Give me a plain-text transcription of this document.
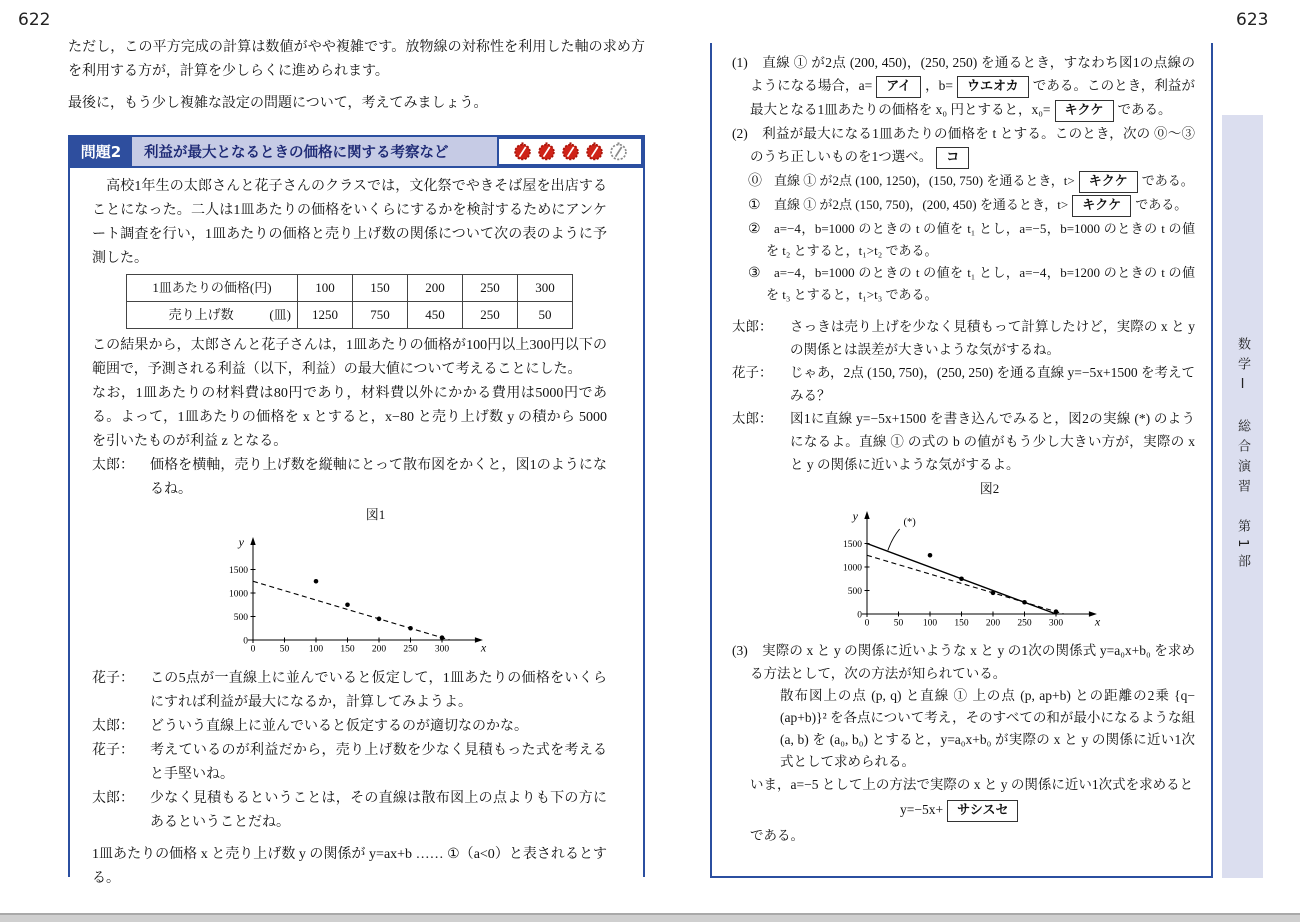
622	623
ただし，この平方完成の計算は数値がやや複雑です。放物線の対称性を利用した軸の求め方を利用する方が，計算を少しらくに進められます。
最後に，もう少し複雑な設定の問題について，考えてみましょう。
問題2	利益が最大となるときの価格に関する考察など

　高校1年生の太郎さんと花子さんのクラスでは，文化祭でやきそば屋を出店することになった。二人は1皿あたりの価格をいくらにするかを検討するためにアンケート調査を行い，1皿あたりの価格と売り上げ数の関係について次の表のように予測した。

1皿あたりの価格(円)	100	150	200	250	300
売り上げ数 (皿)	1250	750	450	250	50

この結果から，太郎さんと花子さんは，1皿あたりの価格が100円以上300円以下の範囲で，予測される利益（以下，利益）の最大値について考えることにした。

なお，1皿あたりの材料費は80円であり，材料費以外にかかる費用は5000円である。よって，1皿あたりの価格を x とすると，x−80 と売り上げ数 y の積から 5000 を引いたものが利益 z となる。

太郎：	価格を横軸，売り上げ数を縦軸にとって散布図をかくと，図1のようになるね。
図1
0	50 100 150 200 250 300
0
500
1000
1500
y
x
花子：	この5点が一直線上に並んでいると仮定して，1皿あたりの価格をいくらにすれば利益が最大になるか，計算してみようよ。
太郎：	どういう直線上に並んでいると仮定するのが適切なのかな。
花子：	考えているのが利益だから，売り上げ数を少なく見積もった式を考えると手堅いね。
太郎：	少なく見積もるということは，その直線は散布図上の点よりも下の方にあるということだね。

1皿あたりの価格 x と売り上げ数 y の関係が y=ax+b …… ①（a<0）と表されるとする。

(1) 直線 ① が2点 (200, 450)，(250, 250) を通るとき，すなわち図1の点線のようになる場合，a= アイ ，b= ウエオカ である。このとき，利益が最大となる1皿あたりの価格を x₀ 円とすると，x₀= キクケ である。
(2) 利益が最大になる1皿あたりの価格を t とする。このとき，次の ⓪～③ のうち正しいものを1つ選べ。 コ
⓪ 直線 ① が2点 (100, 1250)，(150, 750) を通るとき，t> キクケ である。
① 直線 ① が2点 (150, 750)，(200, 450) を通るとき，t> キクケ である。
② a=−4，b=1000 のときの t の値を t₁ とし，a=−5，b=1000 のときの t の値を t₂ とすると，t₁>t₂ である。
③ a=−4，b=1000 のときの t の値を t₁ とし，a=−4，b=1200 のときの t の値を t₃ とすると，t₁>t₃ である。
太郎：	さっきは売り上げを少なく見積もって計算したけど，実際の x と y の関係とは誤差が大きいような気がするね。
花子：	じゃあ，2点 (150, 750)，(250, 250) を通る直線 y=−5x+1500 を考えてみる？
太郎：	図1に直線 y=−5x+1500 を書き込んでみると，図2の実線 (*) のようになるよ。直線 ① の式の b の値がもう少し大きい方が，実際の x と y の関係に近いような気がするよ。
図2
0	50 100 150 200 250 300
0
500
1000
1500
(*)
y
x
(3) 実際の x と y の関係に近いような x と y の1次の関係式 y=a₀x+b₀ を求める方法として，次の方法が知られている。
散布図上の点 (p, q) と直線 ① 上の点 (p, ap+b) との距離の2乗 {q−(ap+b)}² を各点について考え，そのすべての和が最小になるような組 (a, b) を (a₀, b₀) とすると，y=a₀x+b₀ が実際の x と y の関係に近い1次式として求められる。
いま，a=−5 として上の方法で実際の x と y の関係に近い1次式を求めると
y=−5x+ サシスセ
である。
数学Ⅰ　総合演習　第1部
